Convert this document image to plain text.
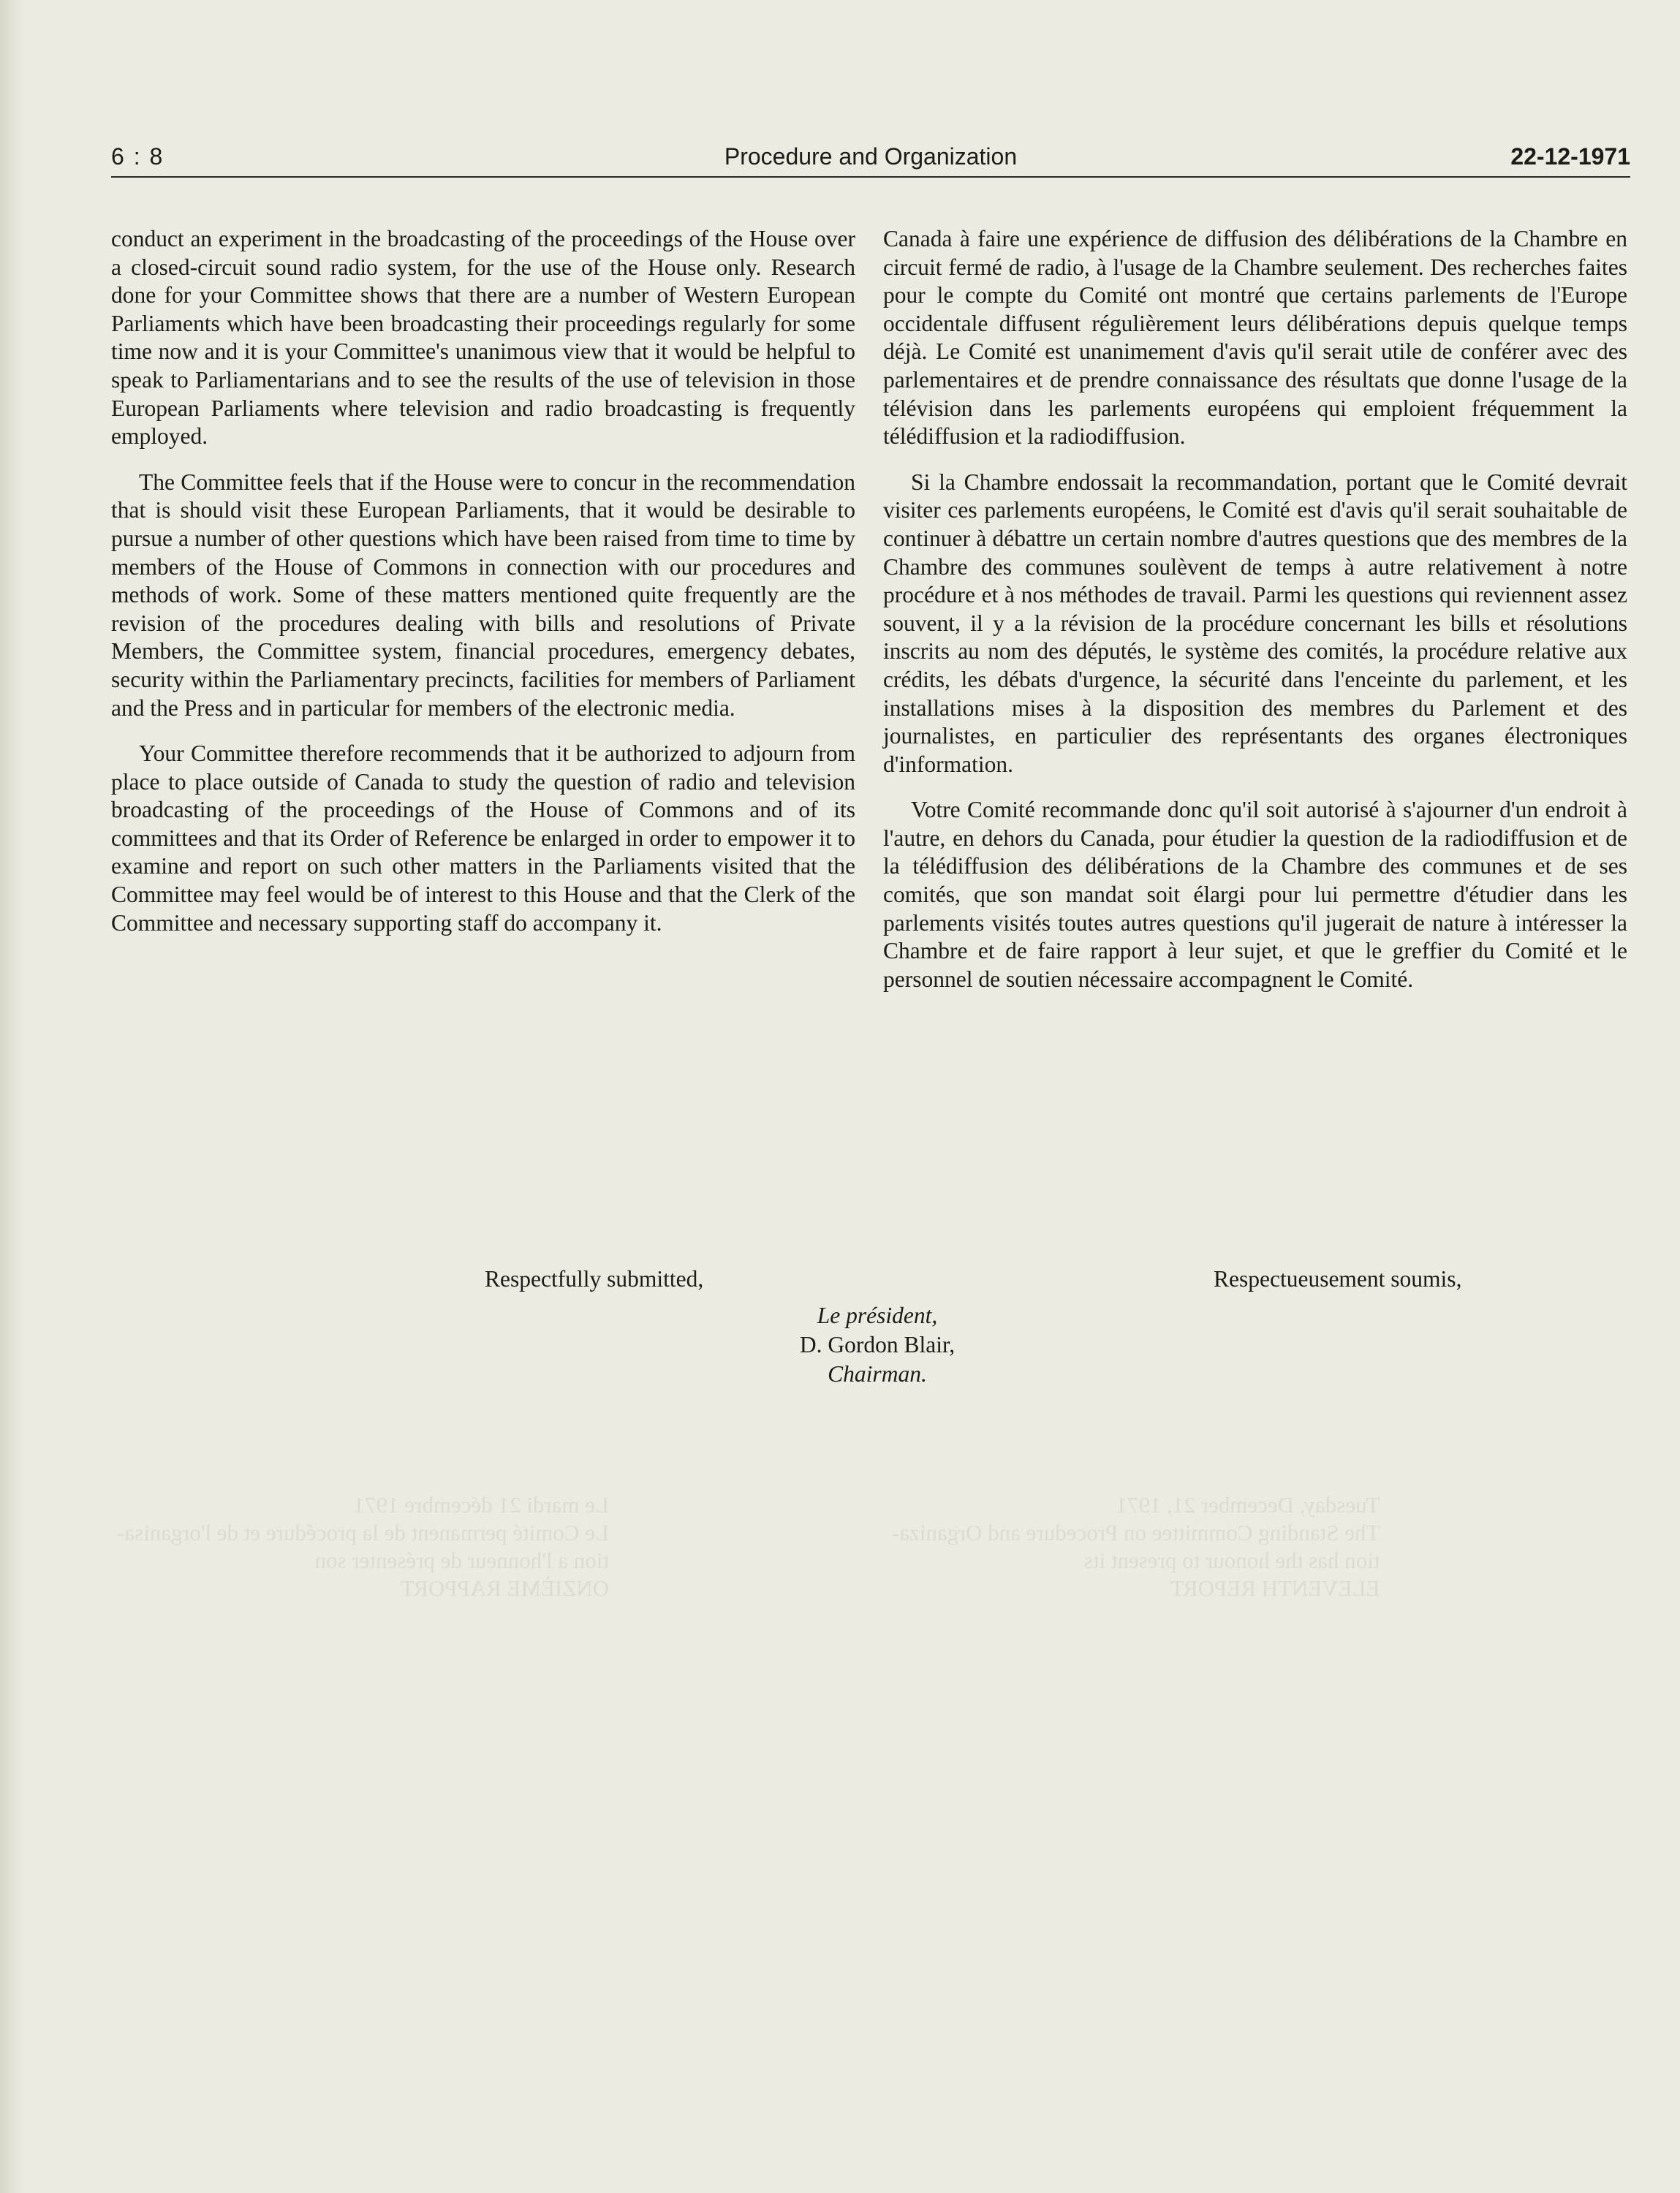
Le mardi 21 décembre 1971
Le Comité permanent de la procédure et de l'organisa-
tion a l'honneur de présenter son
ONZIÈME RAPPORT
Tuesday, December 21, 1971
The Standing Committee on Procedure and Organiza-
tion has the honour to present its
ELEVENTH REPORT
6 : 8	Procedure and Organization	22-12-1971

conduct an experiment in the broadcasting of the proceedings of the House over a closed-circuit sound radio system, for the use of the House only. Research done for your Committee shows that there are a number of Western European Parliaments which have been broadcasting their proceedings regularly for some time now and it is your Committee's unanimous view that it would be helpful to speak to Parliamentarians and to see the results of the use of television in those European Parliaments where television and radio broadcasting is frequently employed.

The Committee feels that if the House were to concur in the recommendation that is should visit these European Parliaments, that it would be desirable to pursue a number of other questions which have been raised from time to time by members of the House of Commons in connection with our procedures and methods of work. Some of these matters mentioned quite frequently are the revision of the procedures dealing with bills and resolutions of Private Members, the Committee system, financial procedures, emergency debates, security within the Parliamentary precincts, facilities for members of Parliament and the Press and in particular for members of the electronic media.

Your Committee therefore recommends that it be authorized to adjourn from place to place outside of Canada to study the question of radio and television broadcasting of the proceedings of the House of Commons and of its committees and that its Order of Reference be enlarged in order to empower it to examine and report on such other matters in the Parliaments visited that the Committee may feel would be of interest to this House and that the Clerk of the Committee and necessary supporting staff do accompany it.

Canada à faire une expérience de diffusion des délibérations de la Chambre en circuit fermé de radio, à l'usage de la Chambre seulement. Des recherches faites pour le compte du Comité ont montré que certains parlements de l'Europe occidentale diffusent régulièrement leurs délibérations depuis quelque temps déjà. Le Comité est unanimement d'avis qu'il serait utile de conférer avec des parlementaires et de prendre connaissance des résultats que donne l'usage de la télévision dans les parlements européens qui emploient fréquemment la télédiffusion et la radiodiffusion.

Si la Chambre endossait la recommandation, portant que le Comité devrait visiter ces parlements européens, le Comité est d'avis qu'il serait souhaitable de continuer à débattre un certain nombre d'autres questions que des membres de la Chambre des communes soulèvent de temps à autre relativement à notre procédure et à nos méthodes de travail. Parmi les questions qui reviennent assez souvent, il y a la révision de la procédure concernant les bills et résolutions inscrits au nom des députés, le système des comités, la procédure relative aux crédits, les débats d'urgence, la sécurité dans l'enceinte du parlement, et les installations mises à la disposition des membres du Parlement et des journalistes, en particulier des représentants des organes électroniques d'information.

Votre Comité recommande donc qu'il soit autorisé à s'ajourner d'un endroit à l'autre, en dehors du Canada, pour étudier la question de la radiodiffusion et de la télédiffusion des délibérations de la Chambre des communes et de ses comités, que son mandat soit élargi pour lui permettre d'étudier dans les parlements visités toutes autres questions qu'il jugerait de nature à intéresser la Chambre et de faire rapport à leur sujet, et que le greffier du Comité et le personnel de soutien nécessaire accompagnent le Comité.

Respectfully submitted,	Respectueusement soumis,
Le président,
D. Gordon Blair,
Chairman.
